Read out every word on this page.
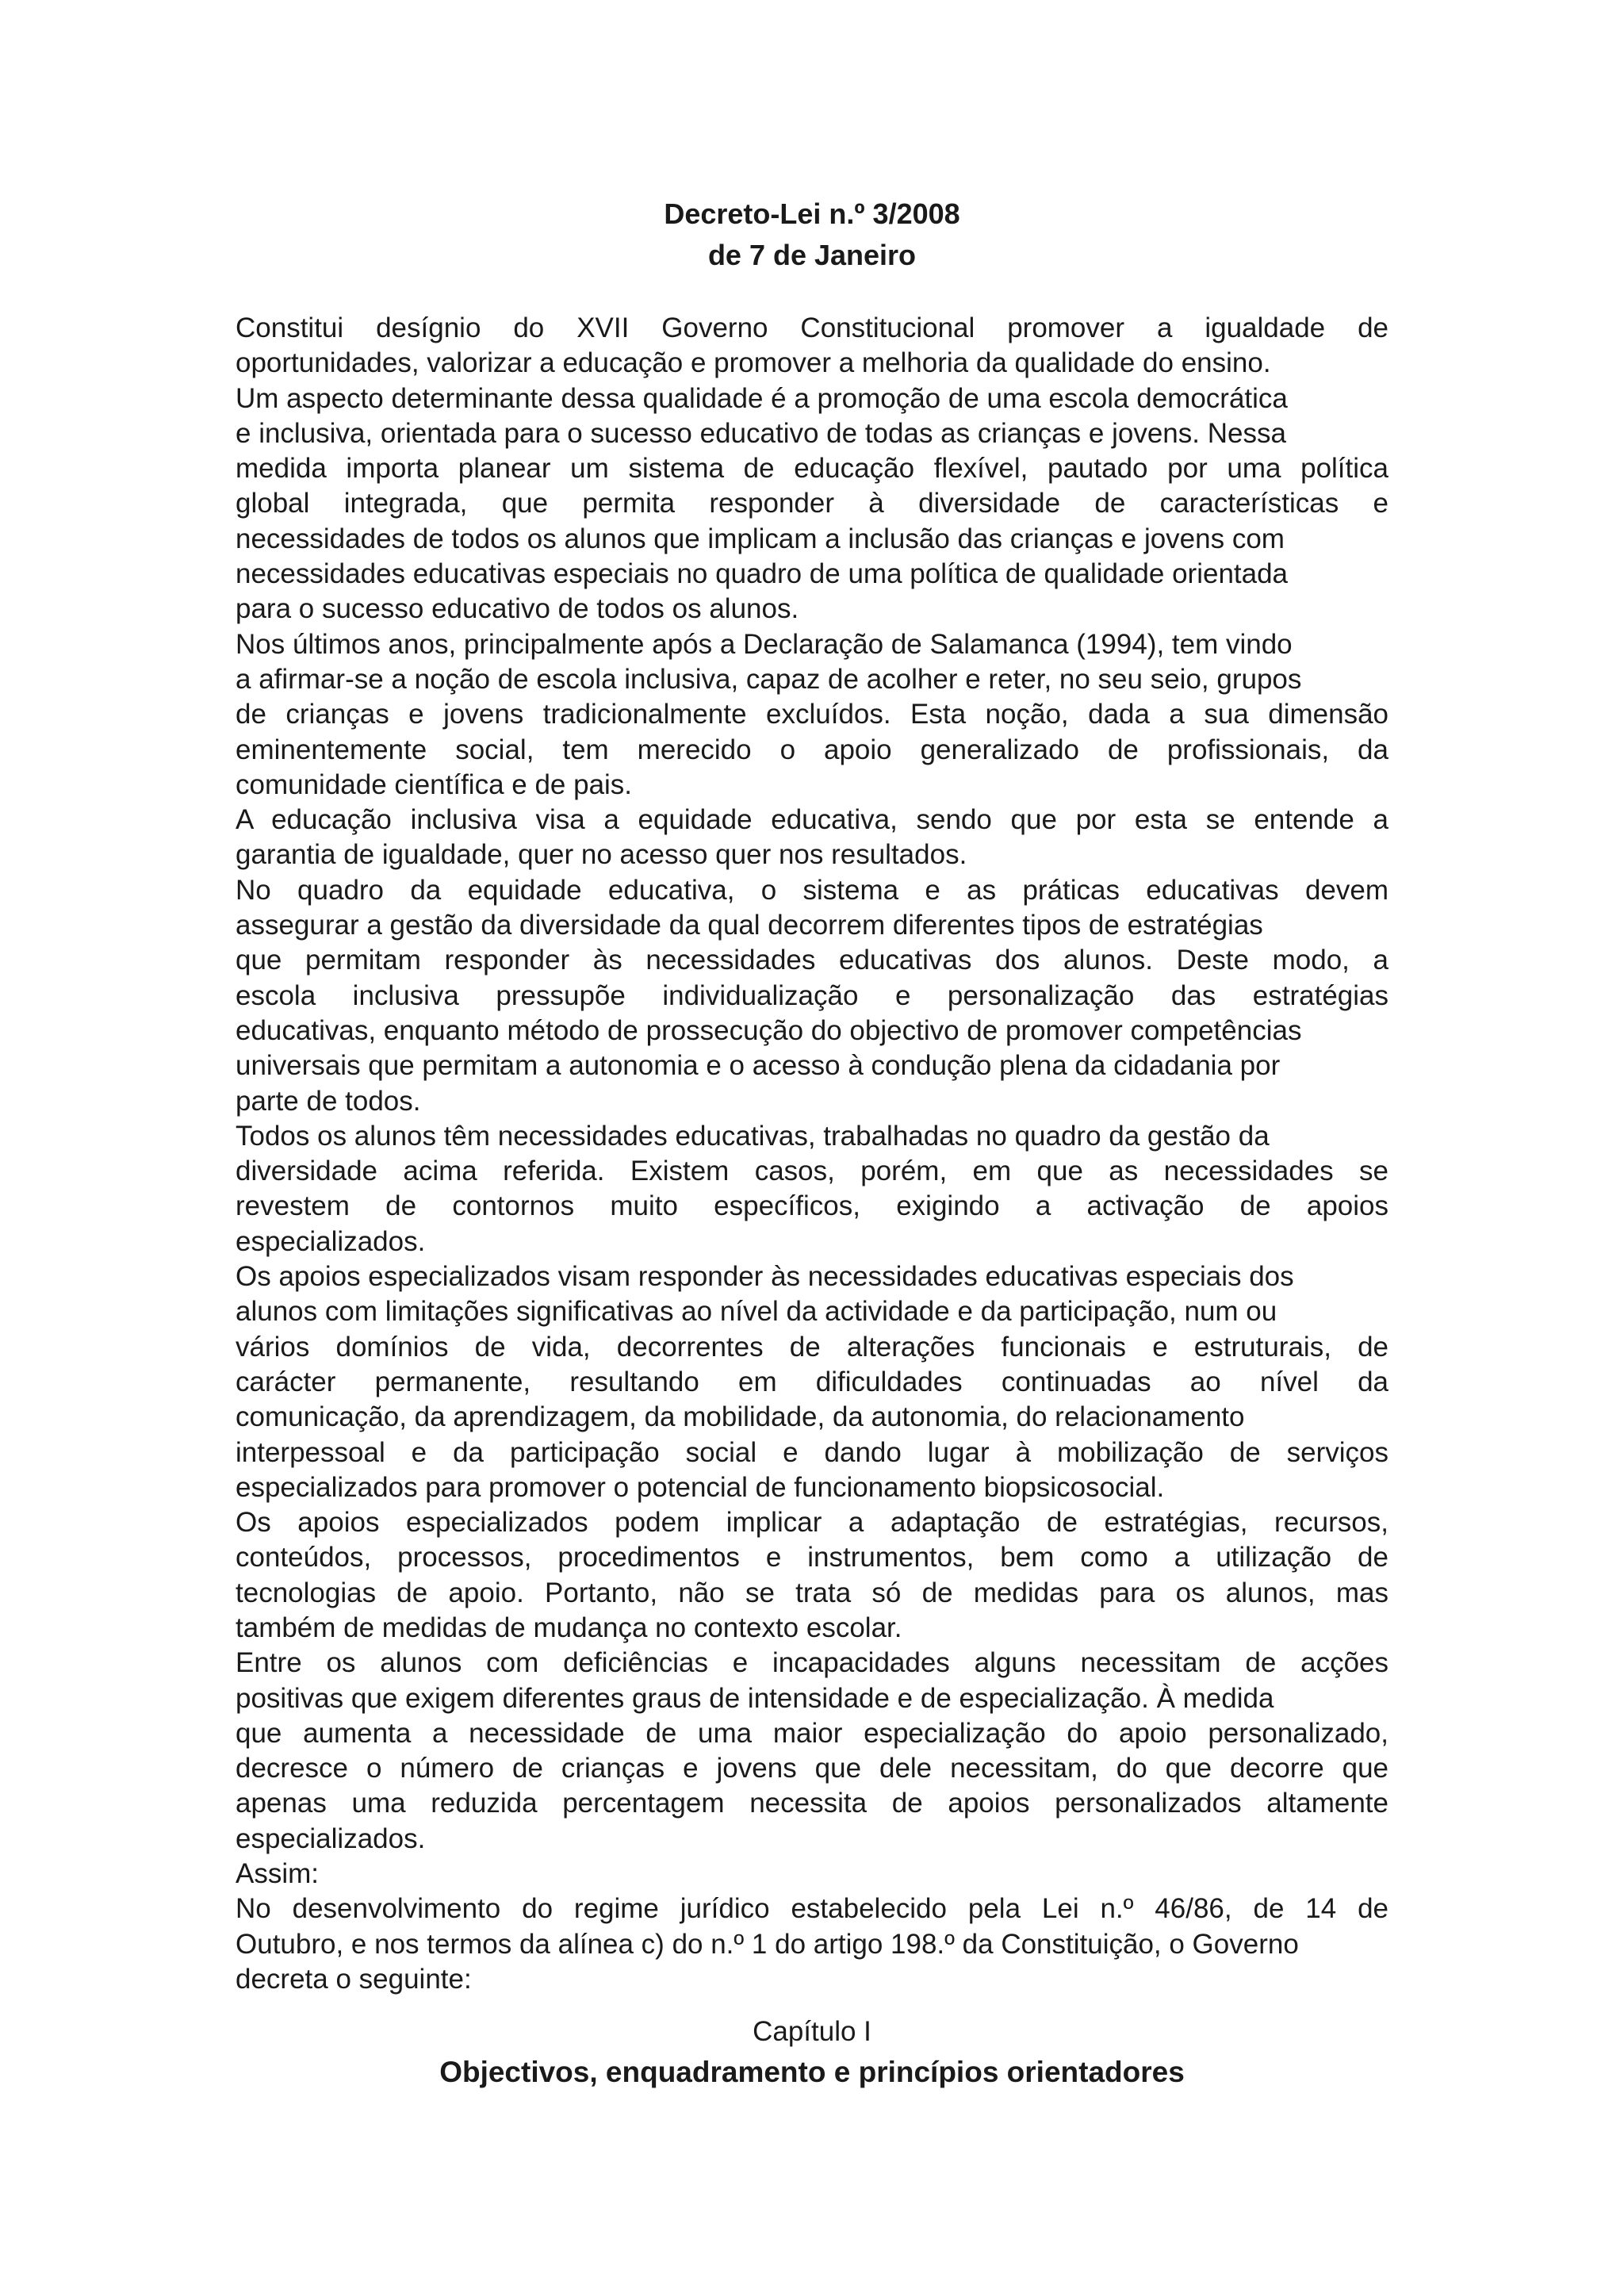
Decreto-Lei n.º 3/2008
de 7 de Janeiro
Constitui desígnio do XVII Governo Constitucional promover a igualdade de
oportunidades, valorizar a educação e promover a melhoria da qualidade do ensino.
Um aspecto determinante dessa qualidade é a promoção de uma escola democrática
e inclusiva, orientada para o sucesso educativo de todas as crianças e jovens. Nessa
medida importa planear um sistema de educação flexível, pautado por uma política
global integrada, que permita responder à diversidade de características e
necessidades de todos os alunos que implicam a inclusão das crianças e jovens com
necessidades educativas especiais no quadro de uma política de qualidade orientada
para o sucesso educativo de todos os alunos.
Nos últimos anos, principalmente após a Declaração de Salamanca (1994), tem vindo
a afirmar-se a noção de escola inclusiva, capaz de acolher e reter, no seu seio, grupos
de crianças e jovens tradicionalmente excluídos. Esta noção, dada a sua dimensão
eminentemente social, tem merecido o apoio generalizado de profissionais, da
comunidade científica e de pais.
A educação inclusiva visa a equidade educativa, sendo que por esta se entende a
garantia de igualdade, quer no acesso quer nos resultados.
No quadro da equidade educativa, o sistema e as práticas educativas devem
assegurar a gestão da diversidade da qual decorrem diferentes tipos de estratégias
que permitam responder às necessidades educativas dos alunos. Deste modo, a
escola inclusiva pressupõe individualização e personalização das estratégias
educativas, enquanto método de prossecução do objectivo de promover competências
universais que permitam a autonomia e o acesso à condução plena da cidadania por
parte de todos.
Todos os alunos têm necessidades educativas, trabalhadas no quadro da gestão da
diversidade acima referida. Existem casos, porém, em que as necessidades se
revestem de contornos muito específicos, exigindo a activação de apoios
especializados.
Os apoios especializados visam responder às necessidades educativas especiais dos
alunos com limitações significativas ao nível da actividade e da participação, num ou
vários domínios de vida, decorrentes de alterações funcionais e estruturais, de
carácter permanente, resultando em dificuldades continuadas ao nível da
comunicação, da aprendizagem, da mobilidade, da autonomia, do relacionamento
interpessoal e da participação social e dando lugar à mobilização de serviços
especializados para promover o potencial de funcionamento biopsicosocial.
Os apoios especializados podem implicar a adaptação de estratégias, recursos,
conteúdos, processos, procedimentos e instrumentos, bem como a utilização de
tecnologias de apoio. Portanto, não se trata só de medidas para os alunos, mas
também de medidas de mudança no contexto escolar.
Entre os alunos com deficiências e incapacidades alguns necessitam de acções
positivas que exigem diferentes graus de intensidade e de especialização. À medida
que aumenta a necessidade de uma maior especialização do apoio personalizado,
decresce o número de crianças e jovens que dele necessitam, do que decorre que
apenas uma reduzida percentagem necessita de apoios personalizados altamente
especializados.
Assim:
No desenvolvimento do regime jurídico estabelecido pela Lei n.º 46/86, de 14 de
Outubro, e nos termos da alínea c) do n.º 1 do artigo 198.º da Constituição, o Governo
decreta o seguinte:
Capítulo I
Objectivos, enquadramento e princípios orientadores
